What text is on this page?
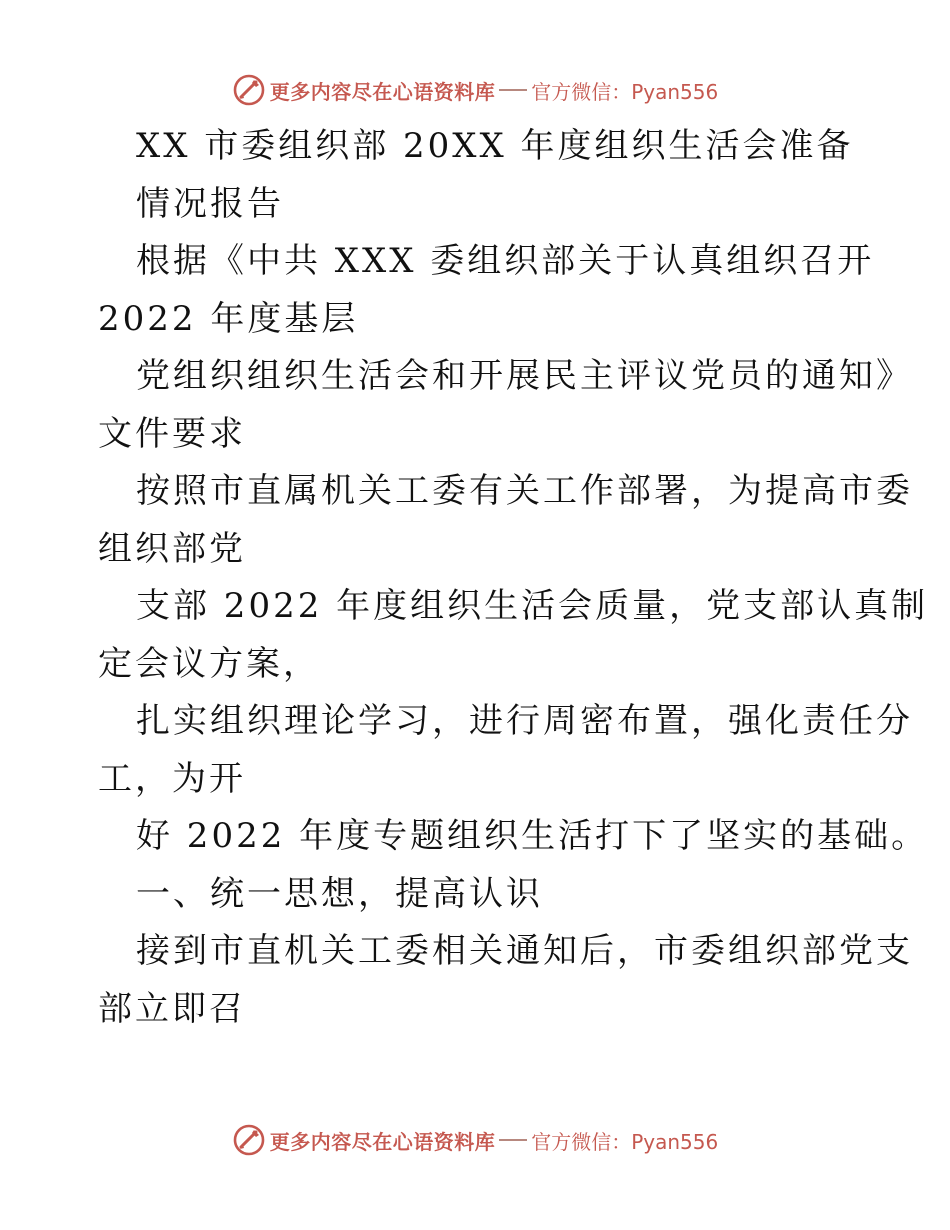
更多内容尽在心语资料库 官方微信：Pyan556
XX 市委组织部 20XX 年度组织生活会准备
情况报告
根据《中共 XXX 委组织部关于认真组织召开
2022 年度基层
党组织组织生活会和开展民主评议党员的通知》
文件要求
按照市直属机关工委有关工作部署，为提高市委
组织部党
支部 2022 年度组织生活会质量，党支部认真制
定会议方案，
扎实组织理论学习，进行周密布置，强化责任分
工，为开
好 2022 年度专题组织生活打下了坚实的基础。
一、统一思想，提高认识
接到市直机关工委相关通知后，市委组织部党支
部立即召
更多内容尽在心语资料库 官方微信：Pyan556
